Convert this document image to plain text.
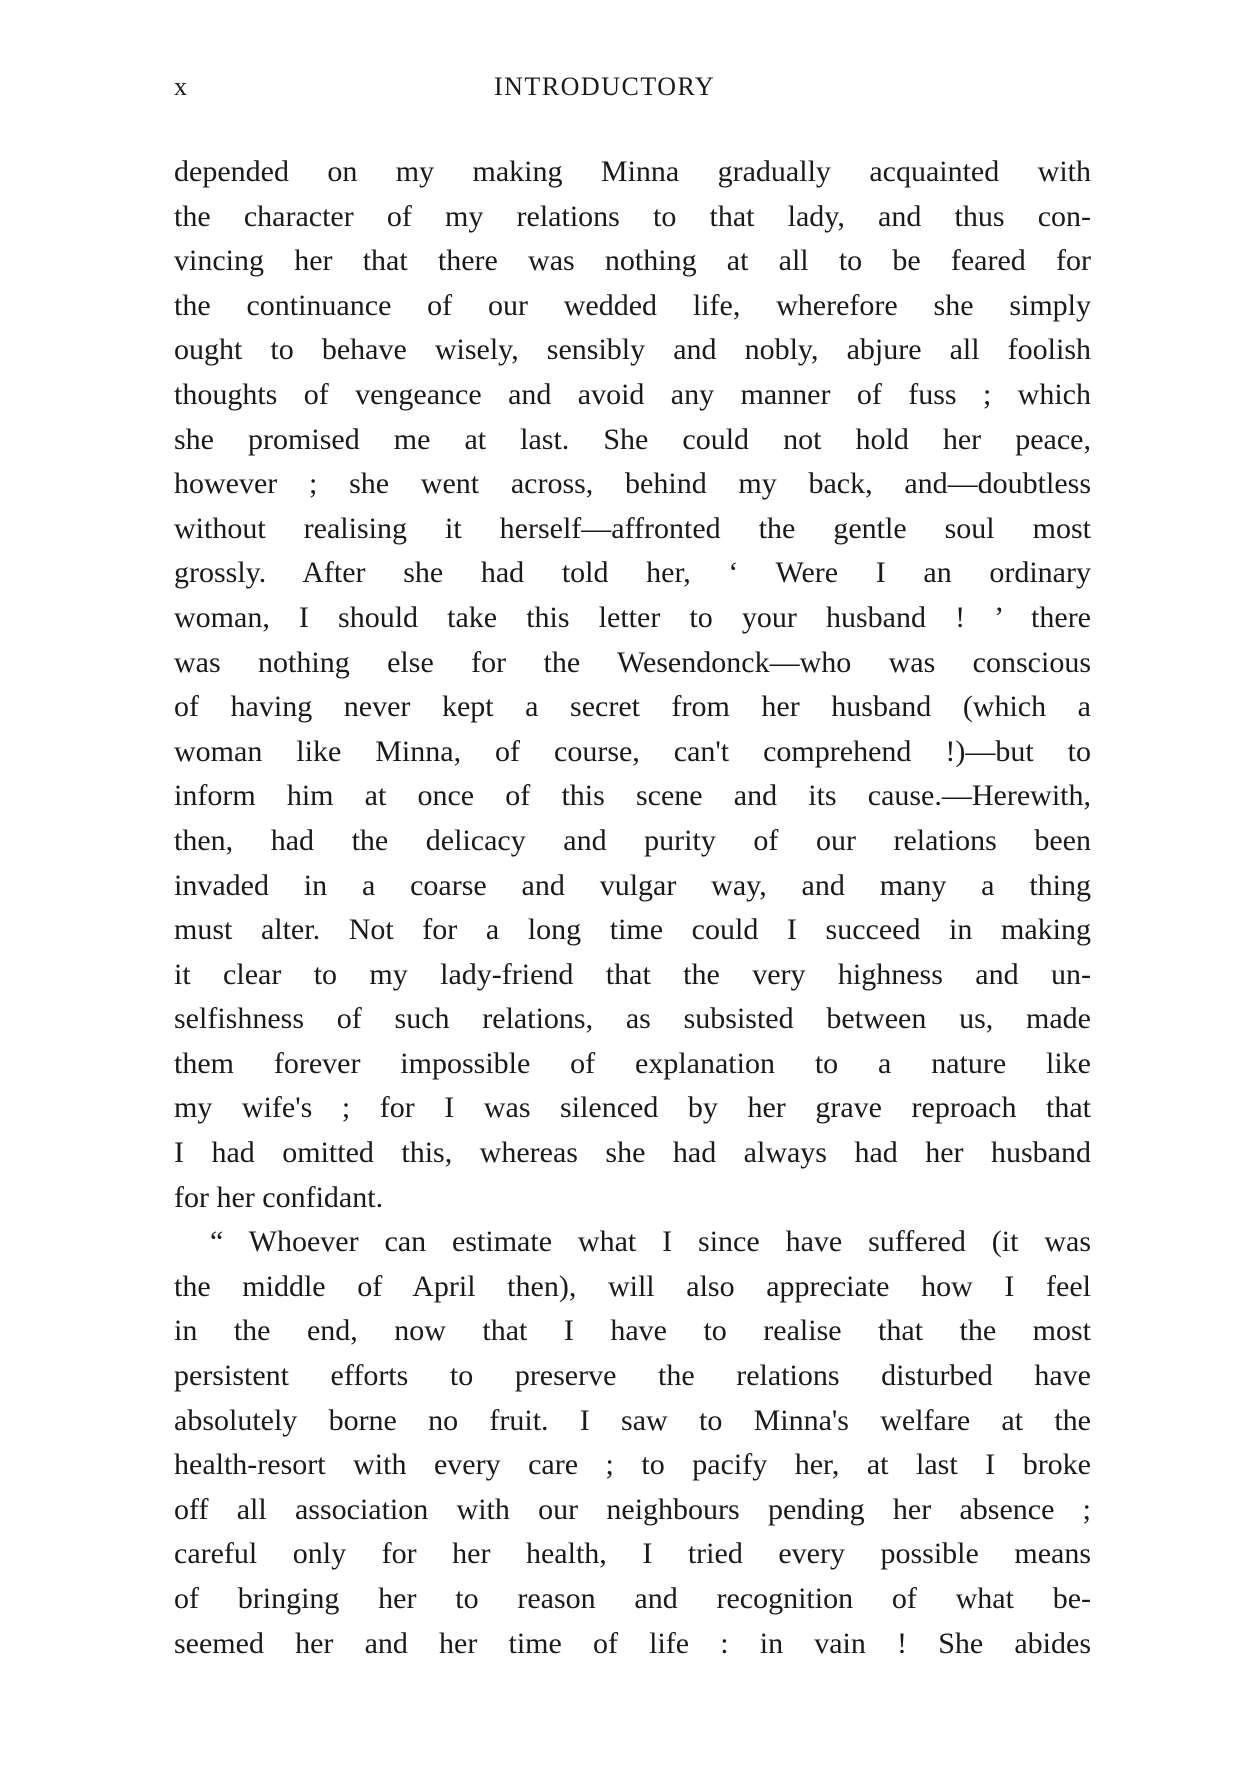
x	INTRODUCTORY
depended on my making Minna gradually acquainted with
the character of my relations to that lady, and thus con-
vincing her that there was nothing at all to be feared for
the continuance of our wedded life, wherefore she simply
ought to behave wisely, sensibly and nobly, abjure all foolish
thoughts of vengeance and avoid any manner of fuss ; which
she promised me at last. She could not hold her peace,
however ; she went across, behind my back, and—doubtless
without realising it herself—affronted the gentle soul most
grossly. After she had told her, ‘ Were I an ordinary
woman, I should take this letter to your husband ! ’ there
was nothing else for the Wesendonck—who was conscious
of having never kept a secret from her husband (which a
woman like Minna, of course, can't comprehend !)—but to
inform him at once of this scene and its cause.—Herewith,
then, had the delicacy and purity of our relations been
invaded in a coarse and vulgar way, and many a thing
must alter. Not for a long time could I succeed in making
it clear to my lady-friend that the very highness and un-
selfishness of such relations, as subsisted between us, made
them forever impossible of explanation to a nature like
my wife's ; for I was silenced by her grave reproach that
I had omitted this, whereas she had always had her husband
for her confidant.
“ Whoever can estimate what I since have suffered (it was
the middle of April then), will also appreciate how I feel
in the end, now that I have to realise that the most
persistent efforts to preserve the relations disturbed have
absolutely borne no fruit. I saw to Minna's welfare at the
health-resort with every care ; to pacify her, at last I broke
off all association with our neighbours pending her absence ;
careful only for her health, I tried every possible means
of bringing her to reason and recognition of what be-
seemed her and her time of life : in vain ! She abides
